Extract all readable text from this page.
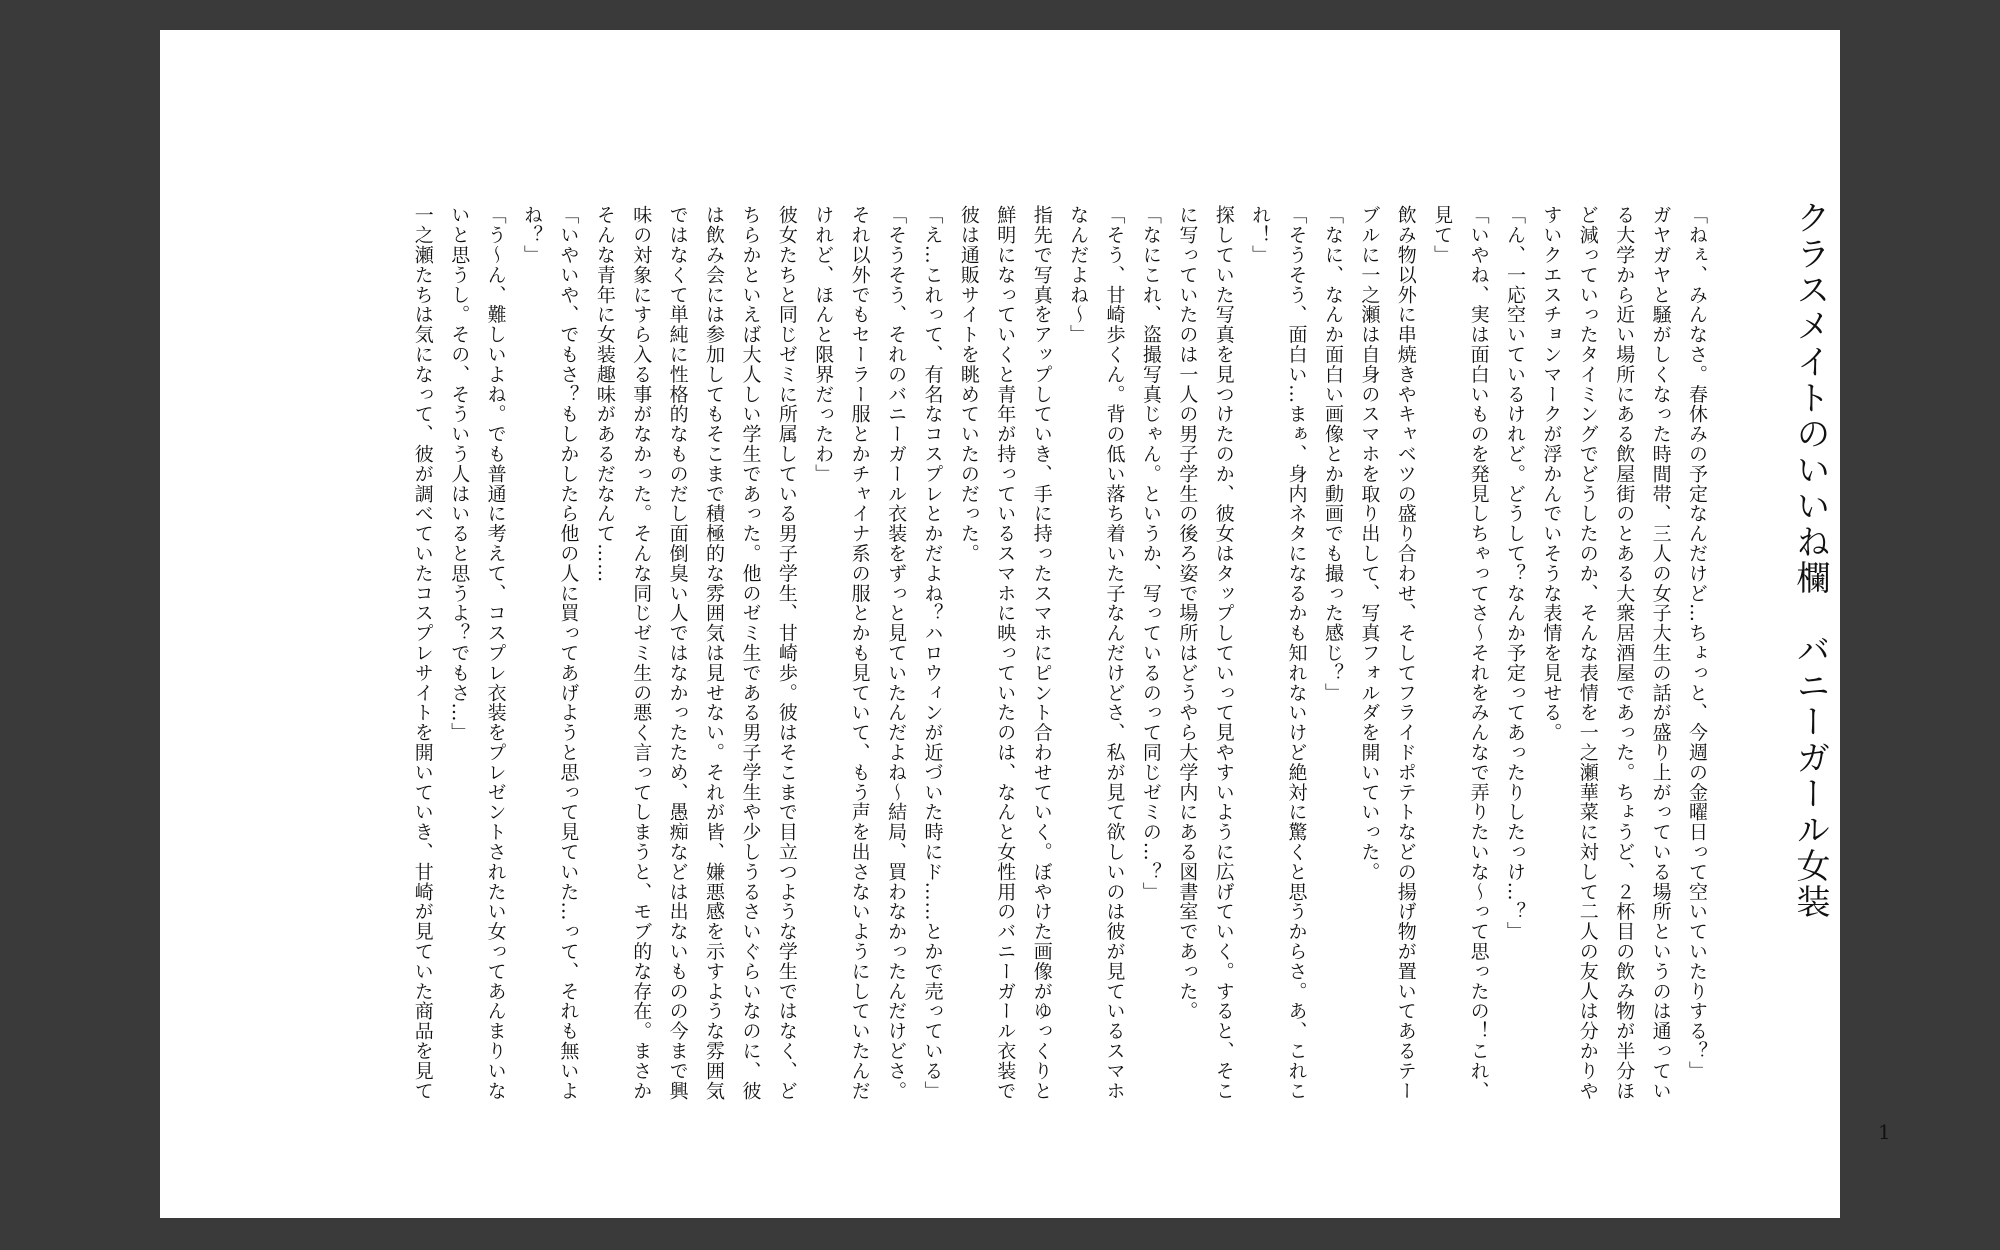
クラスメイトのいいね欄　バニーガール女装

「ねぇ、みんなさ。春休みの予定なんだけど…ちょっと、今週の金曜日って空いていたりする？」

ガヤガヤと騒がしくなった時間帯、三人の女子大生の話が盛り上がっている場所というのは通っている大学から近い場所にある飲屋街のとある大衆居酒屋であった。ちょうど、２杯目の飲み物が半分ほど減っていったタイミングでどうしたのか、そんな表情を一之瀬華菜に対して二人の友人は分かりやすいクエスチョンマークが浮かんでいそうな表情を見せる。

「ん、一応空いているけれど。どうして？なんか予定ってあったりしたっけ…？」

「いやね、実は面白いものを発見しちゃってさ〜それをみんなで弄りたいな〜って思ったの！これ、見て」

飲み物以外に串焼きやキャベツの盛り合わせ、そしてフライドポテトなどの揚げ物が置いてあるテーブルに一之瀬は自身のスマホを取り出して、写真フォルダを開いていった。

「なに、なんか面白い画像とか動画でも撮った感じ？」

「そうそう、面白い…まぁ、身内ネタになるかも知れないけど絶対に驚くと思うからさ。あ、これこれ！」

探していた写真を見つけたのか、彼女はタップしていって見やすいように広げていく。すると、そこに写っていたのは一人の男子学生の後ろ姿で場所はどうやら大学内にある図書室であった。

「なにこれ、盗撮写真じゃん。というか、写っているのって同じゼミの…？」

「そう、甘崎歩くん。背の低い落ち着いた子なんだけどさ、私が見て欲しいのは彼が見ているスマホなんだよね〜」

指先で写真をアップしていき、手に持ったスマホにピント合わせていく。ぼやけた画像がゆっくりと鮮明になっていくと青年が持っているスマホに映っていたのは、なんと女性用のバニーガール衣装で彼は通販サイトを眺めていたのだった。

「え…これって、有名なコスプレとかだよね？ハロウィンが近づいた時にド……とかで売っている」

「そうそう、それのバニーガール衣装をずっと見ていたんだよね〜結局、買わなかったんだけどさ。それ以外でもセーラー服とかチャイナ系の服とかも見ていて、もう声を出さないようにしていたんだけれど、ほんと限界だったわ」

彼女たちと同じゼミに所属している男子学生、甘崎歩。彼はそこまで目立つような学生ではなく、どちらかといえば大人しい学生であった。他のゼミ生である男子学生や少しうるさいぐらいなのに、彼は飲み会には参加してもそこまで積極的な雰囲気は見せない。それが皆、嫌悪感を示すような雰囲気ではなくて単純に性格的なものだし面倒臭い人ではなかったため、愚痴などは出ないものの今まで興味の対象にすら入る事がなかった。そんな同じゼミ生の悪く言ってしまうと、モブ的な存在。まさかそんな青年に女装趣味があるだなんて……

「いやいや、でもさ？もしかしたら他の人に買ってあげようと思って見ていた…って、それも無いよね？」

「う〜ん、難しいよね。でも普通に考えて、コスプレ衣装をプレゼントされたい女ってあんまりいないと思うし。その、そういう人はいると思うよ？でもさ…」

一之瀬たちは気になって、彼が調べていたコスプレサイトを開いていき、甘崎が見ていた商品を見て

1
